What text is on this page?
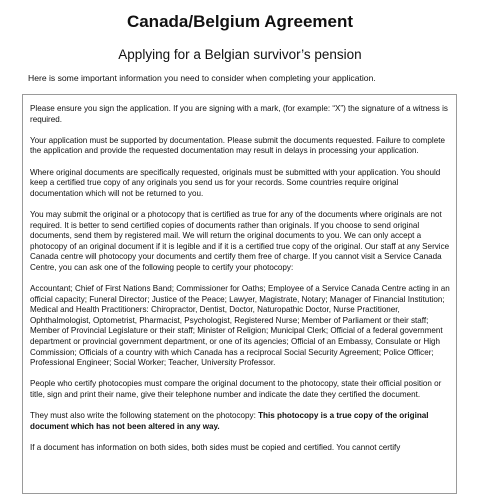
Canada/Belgium Agreement
Applying for a Belgian survivor’s pension
Here is some important information you need to consider when completing your application.

Please ensure you sign the application. If you are signing with a mark, (for example: “X”) the signature of a witness is required.

Your application must be supported by documentation. Please submit the documents requested. Failure to complete the application and provide the requested documentation may result in delays in processing your application.

Where original documents are specifically requested, originals must be submitted with your application. You should keep a certified true copy of any originals you send us for your records. Some countries require original documentation which will not be returned to you.

You may submit the original or a photocopy that is certified as true for any of the documents where originals are not required. It is better to send certified copies of documents rather than originals. If you choose to send original documents, send them by registered mail. We will return the original documents to you. We can only accept a photocopy of an original document if it is legible and if it is a certified true copy of the original. Our staff at any Service Canada centre will photocopy your documents and certify them free of charge. If you cannot visit a Service Canada Centre, you can ask one of the following people to certify your photocopy:

Accountant; Chief of First Nations Band; Commissioner for Oaths; Employee of a Service Canada Centre acting in an official capacity; Funeral Director; Justice of the Peace; Lawyer, Magistrate, Notary; Manager of Financial Institution; Medical and Health Practitioners: Chiropractor, Dentist, Doctor, Naturopathic Doctor, Nurse Practitioner, Ophthalmologist, Optometrist, Pharmacist, Psychologist, Registered Nurse; Member of Parliament or their staff; Member of Provincial Legislature or their staff; Minister of Religion; Municipal Clerk; Official of a federal government department or provincial government department, or one of its agencies; Official of an Embassy, Consulate or High Commission; Officials of a country with which Canada has a reciprocal Social Security Agreement; Police Officer; Professional Engineer; Social Worker; Teacher, University Professor.

People who certify photocopies must compare the original document to the photocopy, state their official position or title, sign and print their name, give their telephone number and indicate the date they certified the document.

They must also write the following statement on the photocopy: This photocopy is a true copy of the original document which has not been altered in any way.

If a document has information on both sides, both sides must be copied and certified. You cannot certify
